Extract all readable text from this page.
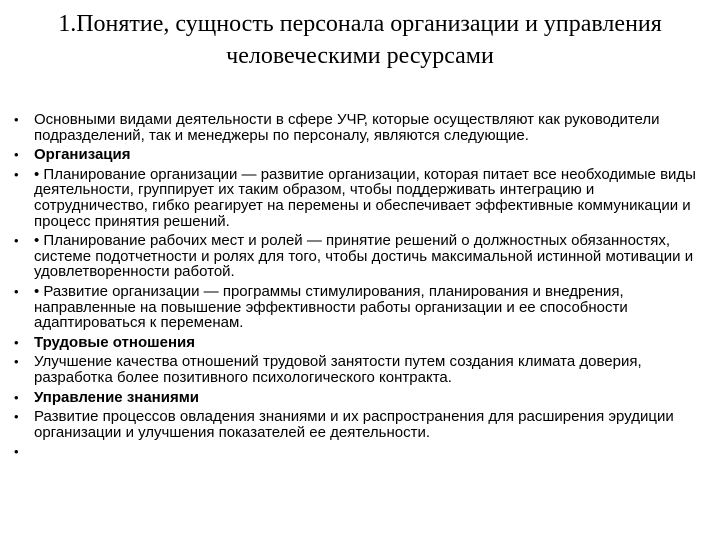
1.Понятие, сущность персонала организации и управления
человеческими ресурсами
•	Основными видами деятельности в сфере УЧР, которые осуществляют как руководители подразделений, так и менеджеры по персоналу, являются следующие.
•	Организация
•	• Планирование организации — развитие организации, которая питает все необходимые виды деятельности, группирует их таким образом, чтобы поддерживать интеграцию и сотрудничество, гибко реагирует на перемены и обеспечивает эффективные коммуникации и процесс принятия решений.
•	• Планирование рабочих мест и ролей — принятие решений о должностных обязанностях, системе подотчетности и ролях для того, чтобы достичь максимальной истинной мотивации и удовлетворенности работой.
•	• Развитие организации — программы стимулирования, планирования и внедрения, направленные на повышение эффективности работы организации и ее способности адаптироваться к переменам.
•	Трудовые отношения
•	Улучшение качества отношений трудовой занятости путем создания климата доверия, разработка более позитивного психологического контракта.
•	Управление знаниями
•	Развитие процессов овладения знаниями и их распространения для расширения эрудиции организации и улучшения показателей ее деятельности.
•
